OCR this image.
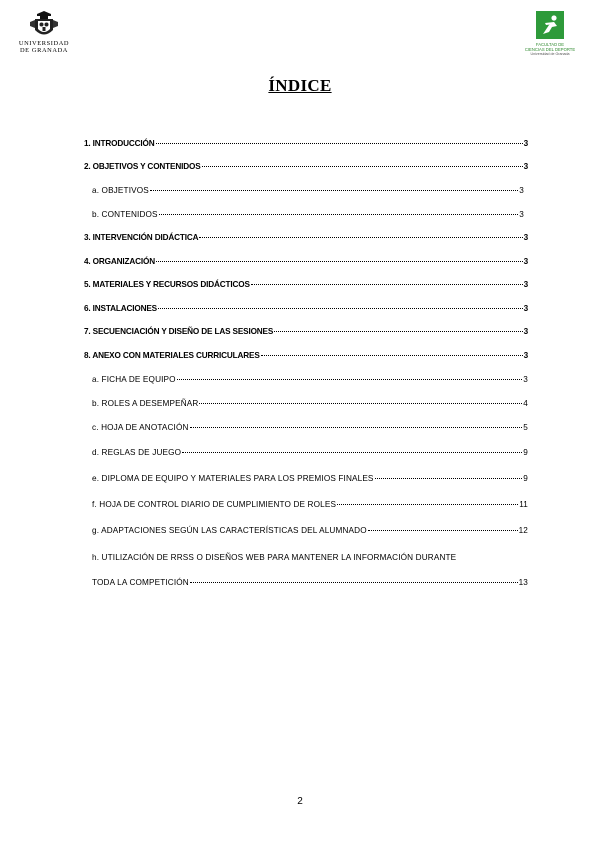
UNIVERSIDAD
DE GRANADA
FACULTAD DE
CIENCIAS DEL DEPORTE
Universidad de Granada
ÍNDICE
1. INTRODUCCIÓN	3
2. OBJETIVOS Y CONTENIDOS	3
a. OBJETIVOS	3
b. CONTENIDOS	3
3. INTERVENCIÓN DIDÁCTICA	3
4. ORGANIZACIÓN	3
5. MATERIALES Y RECURSOS DIDÁCTICOS	3
6. INSTALACIONES	3
7. SECUENCIACIÓN Y DISEÑO DE LAS SESIONES	3
8. ANEXO CON MATERIALES CURRICULARES	3
a. FICHA DE EQUIPO	3
b. ROLES A DESEMPEÑAR	4
c. HOJA DE ANOTACIÓN	5
d. REGLAS DE JUEGO	9
e. DIPLOMA DE EQUIPO Y MATERIALES PARA LOS PREMIOS FINALES	9
f. HOJA DE CONTROL DIARIO DE CUMPLIMIENTO DE ROLES	11
g. ADAPTACIONES SEGÚN LAS CARACTERÍSTICAS DEL ALUMNADO	12
h. UTILIZACIÓN DE RRSS O DISEÑOS WEB PARA MANTENER LA INFORMACIÓN DURANTE
TODA LA COMPETICIÓN	13
2
